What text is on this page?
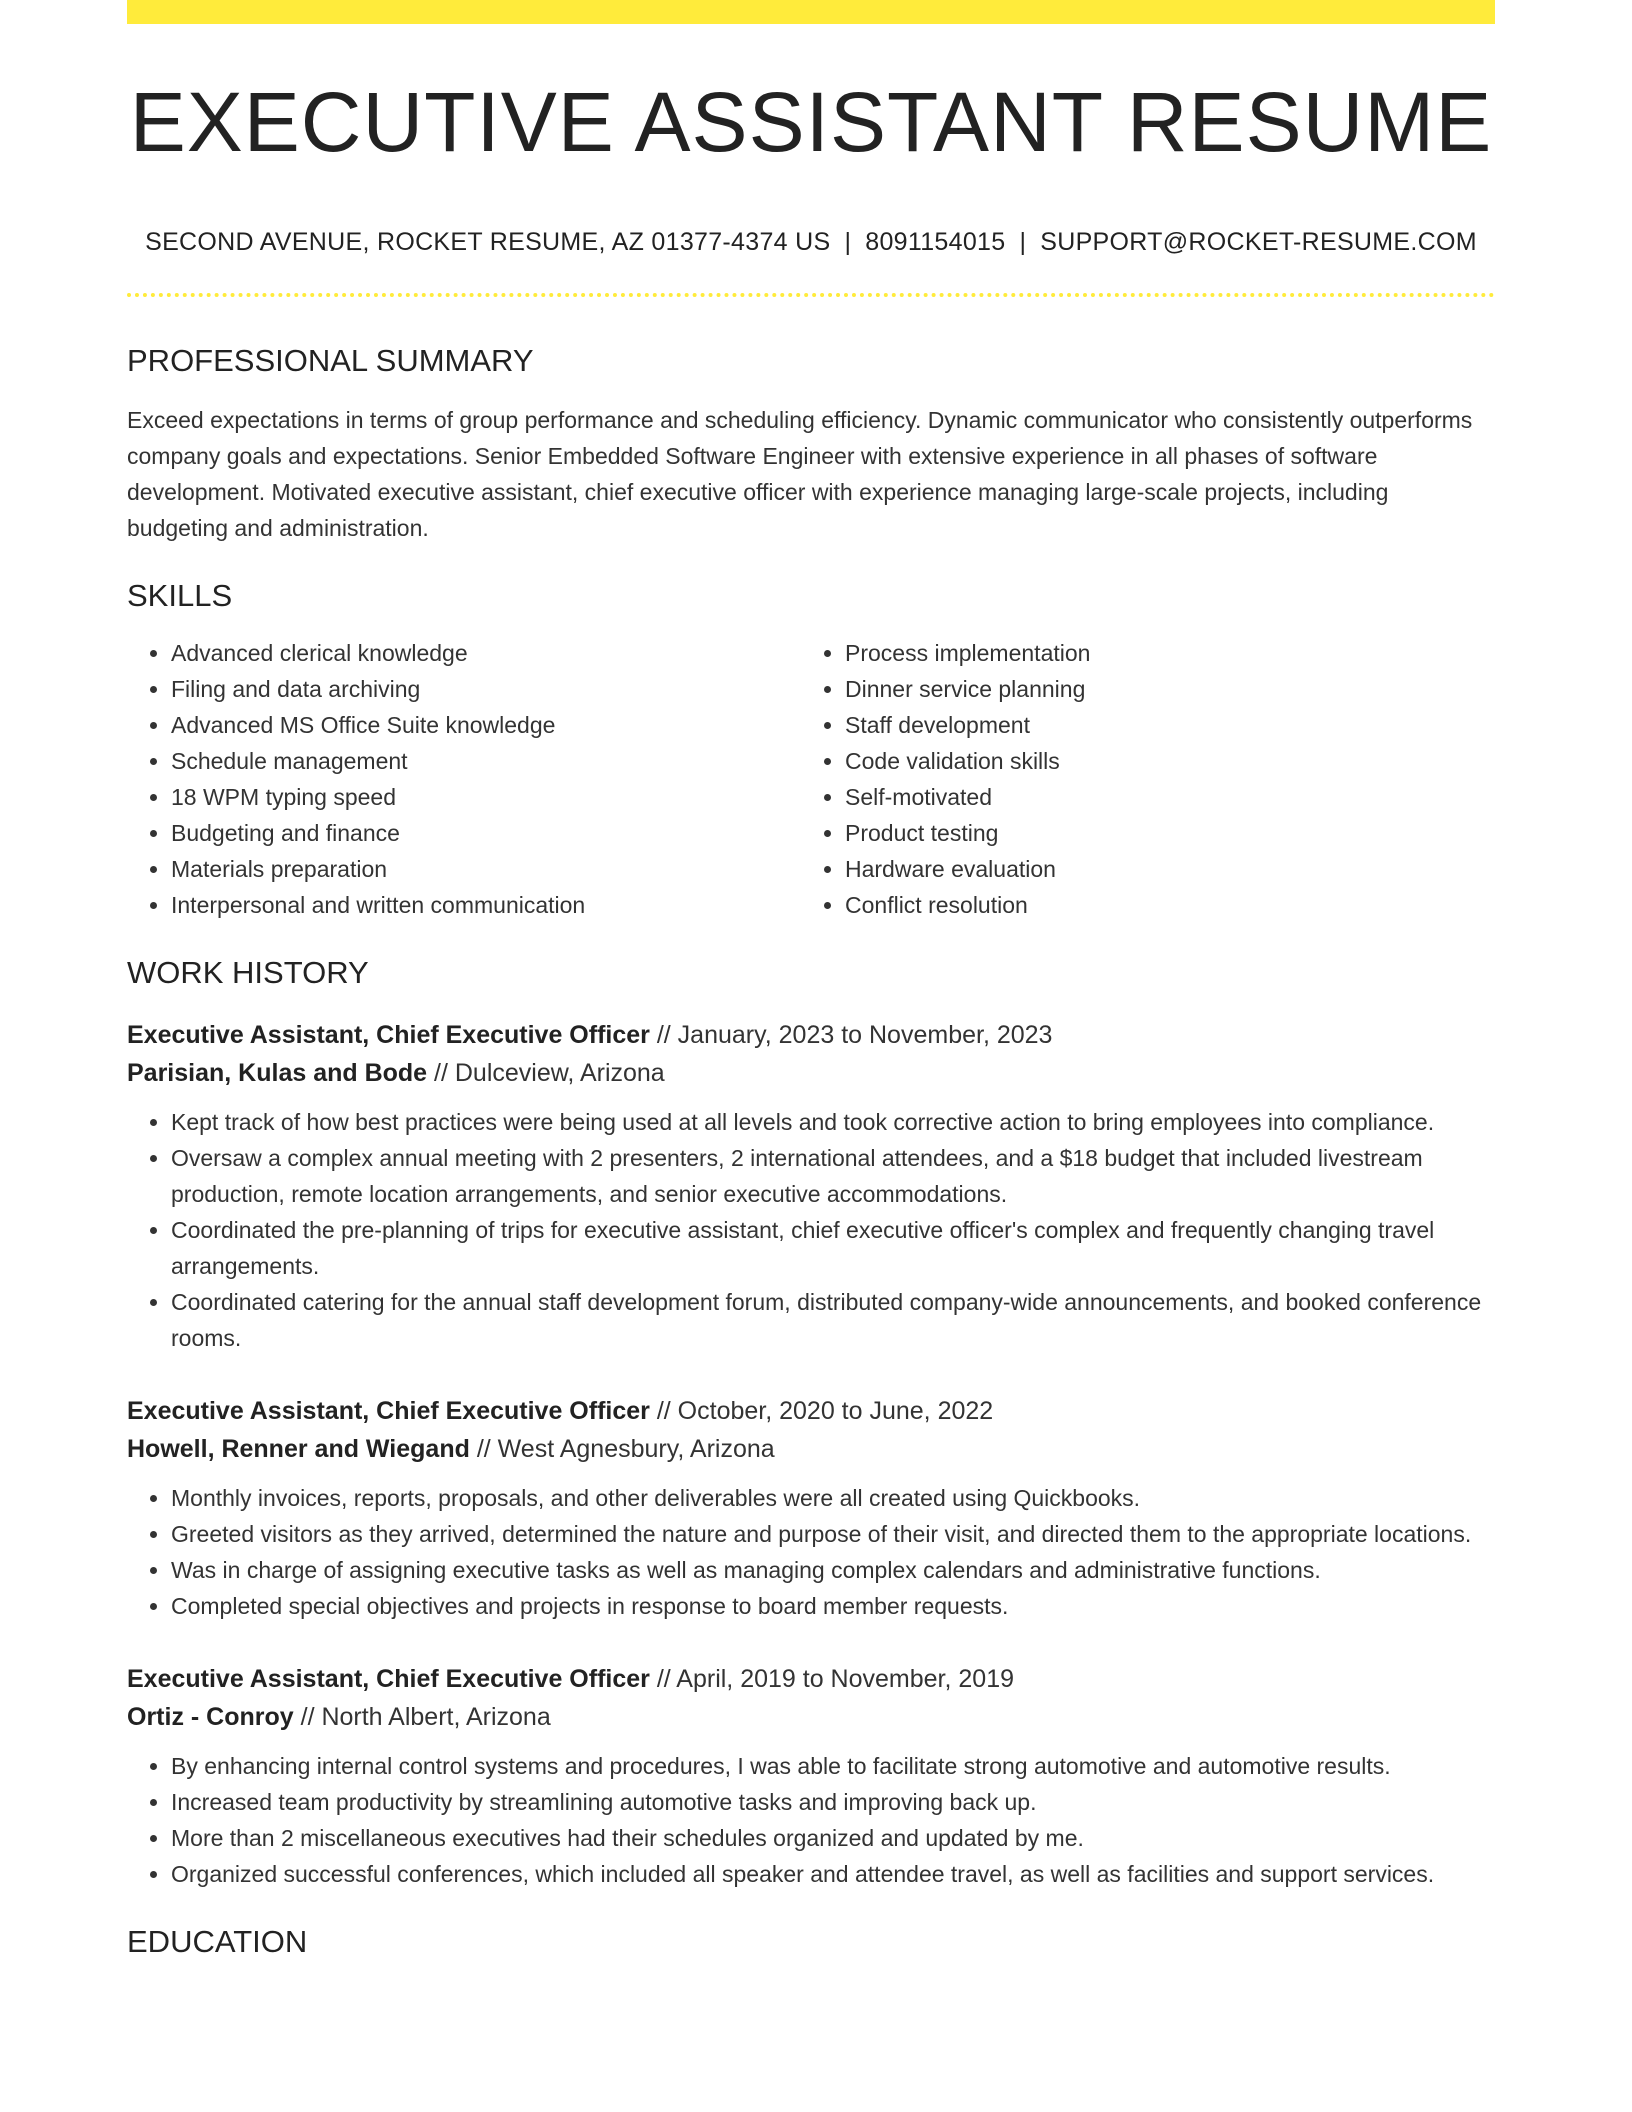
EXECUTIVE ASSISTANT RESUME
SECOND AVENUE, ROCKET RESUME, AZ 01377-4374 US | 8091154015 | SUPPORT@ROCKET-RESUME.COM
PROFESSIONAL SUMMARY
Exceed expectations in terms of group performance and scheduling efficiency. Dynamic communicator who consistently outperforms company goals and expectations. Senior Embedded Software Engineer with extensive experience in all phases of software development. Motivated executive assistant, chief executive officer with experience managing large-scale projects, including budgeting and administration.
SKILLS
• Advanced clerical knowledge
• Filing and data archiving
• Advanced MS Office Suite knowledge
• Schedule management
• 18 WPM typing speed
• Budgeting and finance
• Materials preparation
• Interpersonal and written communication
• Process implementation
• Dinner service planning
• Staff development
• Code validation skills
• Self-motivated
• Product testing
• Hardware evaluation
• Conflict resolution
WORK HISTORY
Executive Assistant, Chief Executive Officer // January, 2023 to November, 2023
Parisian, Kulas and Bode // Dulceview, Arizona
• Kept track of how best practices were being used at all levels and took corrective action to bring employees into compliance.
• Oversaw a complex annual meeting with 2 presenters, 2 international attendees, and a $18 budget that included livestream production, remote location arrangements, and senior executive accommodations.
• Coordinated the pre-planning of trips for executive assistant, chief executive officer's complex and frequently changing travel arrangements.
• Coordinated catering for the annual staff development forum, distributed company-wide announcements, and booked conference rooms.
Executive Assistant, Chief Executive Officer // October, 2020 to June, 2022
Howell, Renner and Wiegand // West Agnesbury, Arizona
• Monthly invoices, reports, proposals, and other deliverables were all created using Quickbooks.
• Greeted visitors as they arrived, determined the nature and purpose of their visit, and directed them to the appropriate locations.
• Was in charge of assigning executive tasks as well as managing complex calendars and administrative functions.
• Completed special objectives and projects in response to board member requests.
Executive Assistant, Chief Executive Officer // April, 2019 to November, 2019
Ortiz - Conroy // North Albert, Arizona
• By enhancing internal control systems and procedures, I was able to facilitate strong automotive and automotive results.
• Increased team productivity by streamlining automotive tasks and improving back up.
• More than 2 miscellaneous executives had their schedules organized and updated by me.
• Organized successful conferences, which included all speaker and attendee travel, as well as facilities and support services.
EDUCATION
